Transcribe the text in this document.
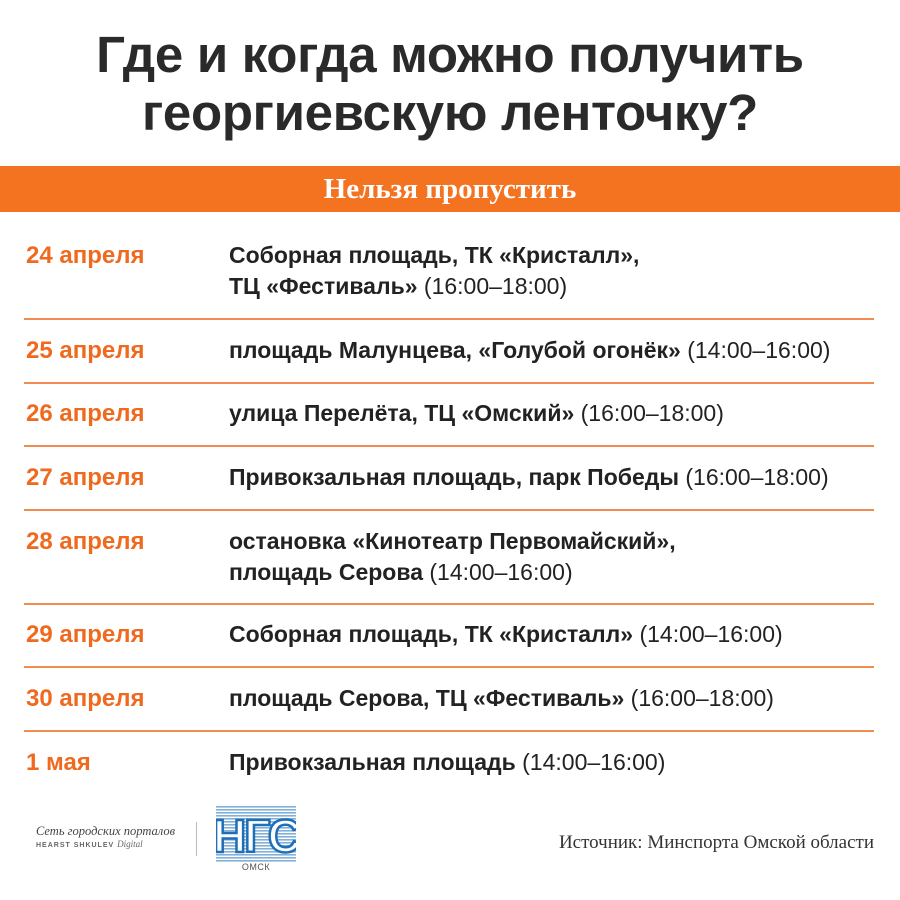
Где и когда можно получить
георгиевскую ленточку?
Нельзя пропустить
24 апреля	Соборная площадь, ТК «Кристалл»,
ТЦ «Фестиваль» (16:00–18:00)
25 апреля	площадь Малунцева, «Голубой огонёк» (14:00–16:00)
26 апреля	улица Перелёта, ТЦ «Омский» (16:00–18:00)
27 апреля	Привокзальная площадь, парк Победы (16:00–18:00)
28 апреля	остановка «Кинотеатр Первомайский»,
площадь Серова (14:00–16:00)
29 апреля	Соборная площадь, ТК «Кристалл» (14:00–16:00)
30 апреля	площадь Серова, ТЦ «Фестиваль» (16:00–18:00)
1 мая	Привокзальная площадь (14:00–16:00)
Сеть городских порталов
HEARST SHKULEV Digital	НГС
ОМСК
Источник: Минспорта Омской области
